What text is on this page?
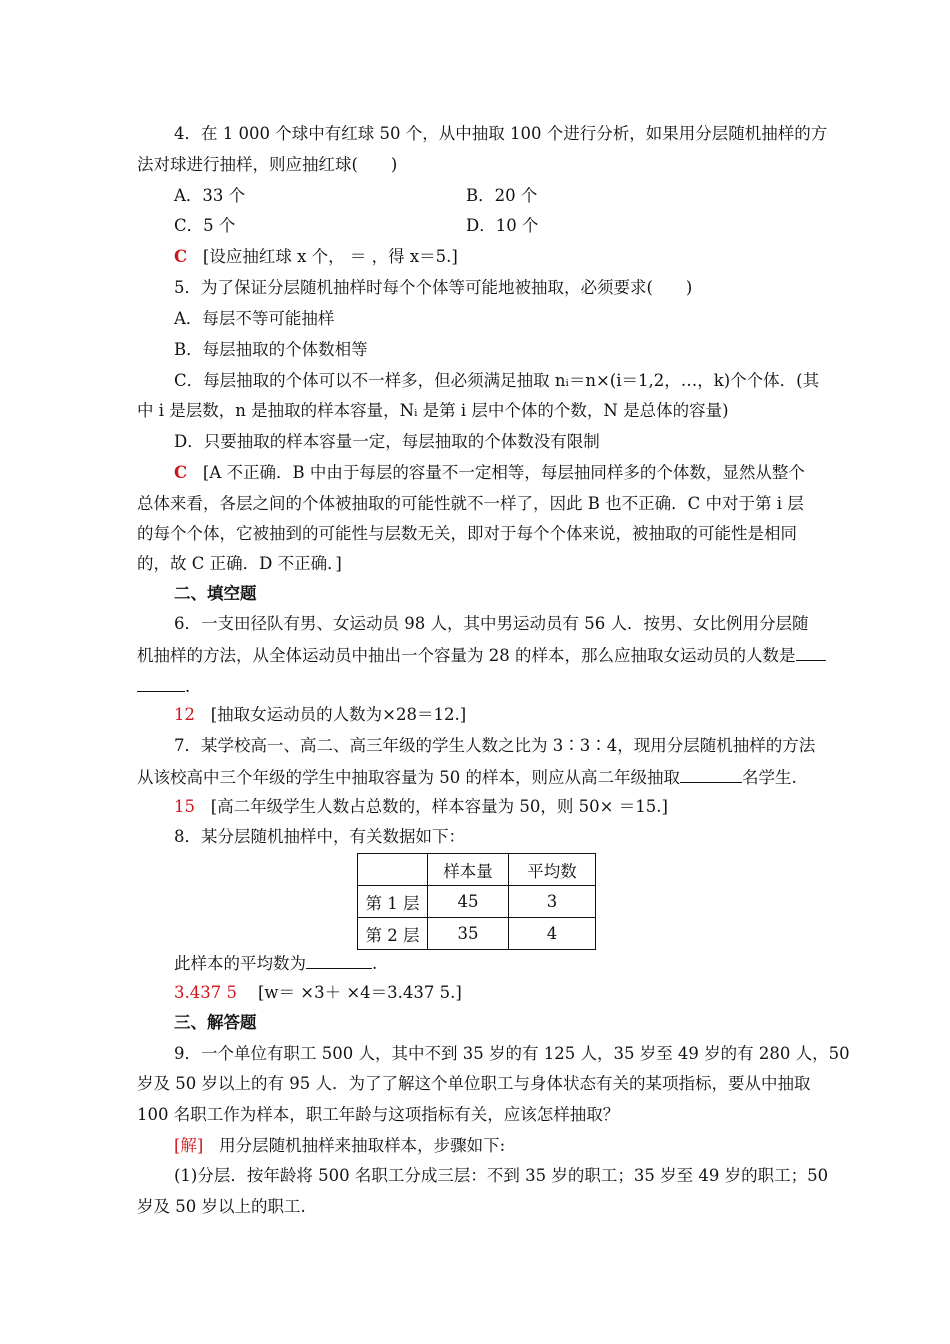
4．在 1 000 个球中有红球 50 个，从中抽取 100 个进行分析，如果用分层随机抽样的方
法对球进行抽样，则应抽红球(　　)
A．33 个	B．20 个
C．5 个	D．10 个
C [设应抽红球 x 个， ＝ ，得 x＝5.]
5．为了保证分层随机抽样时每个个体等可能地被抽取，必须要求(　　)
A．每层不等可能抽样
B．每层抽取的个体数相等
C．每层抽取的个体可以不一样多，但必须满足抽取 nᵢ＝n×(i＝1,2，…，k)个个体．(其
中 i 是层数，n 是抽取的样本容量，Nᵢ 是第 i 层中个体的个数，N 是总体的容量)
D．只要抽取的样本容量一定，每层抽取的个体数没有限制
C [A 不正确．B 中由于每层的容量不一定相等，每层抽同样多的个体数，显然从整个
总体来看，各层之间的个体被抽取的可能性就不一样了，因此 B 也不正确．C 中对于第 i 层
的每个个体，它被抽到的可能性与层数无关，即对于每个个体来说，被抽取的可能性是相同
的，故 C 正确．D 不正确．]
二、填空题
6．一支田径队有男、女运动员 98 人，其中男运动员有 56 人．按男、女比例用分层随
机抽样的方法，从全体运动员中抽出一个容量为 28 的样本，那么应抽取女运动员的人数是
.
12 [抽取女运动员的人数为×28＝12.]
7．某学校高一、高二、高三年级的学生人数之比为 3∶3∶4，现用分层随机抽样的方法
从该校高中三个年级的学生中抽取容量为 50 的样本，则应从高二年级抽取	名学生.
15 [高二年级学生人数占总数的，样本容量为 50，则 50× ＝15.]
8．某分层随机抽样中，有关数据如下：
	样本量	平均数
第 1 层	45	3
第 2 层	35	4
此样本的平均数为	.
3.437 5 [w＝ ×3＋ ×4＝3.437 5.]
三、解答题
9．一个单位有职工 500 人，其中不到 35 岁的有 125 人，35 岁至 49 岁的有 280 人，50
岁及 50 岁以上的有 95 人．为了了解这个单位职工与身体状态有关的某项指标，要从中抽取
100 名职工作为样本，职工年龄与这项指标有关，应该怎样抽取？
[解] 用分层随机抽样来抽取样本，步骤如下:
(1)分层．按年龄将 500 名职工分成三层：不到 35 岁的职工；35 岁至 49 岁的职工；50
岁及 50 岁以上的职工.
